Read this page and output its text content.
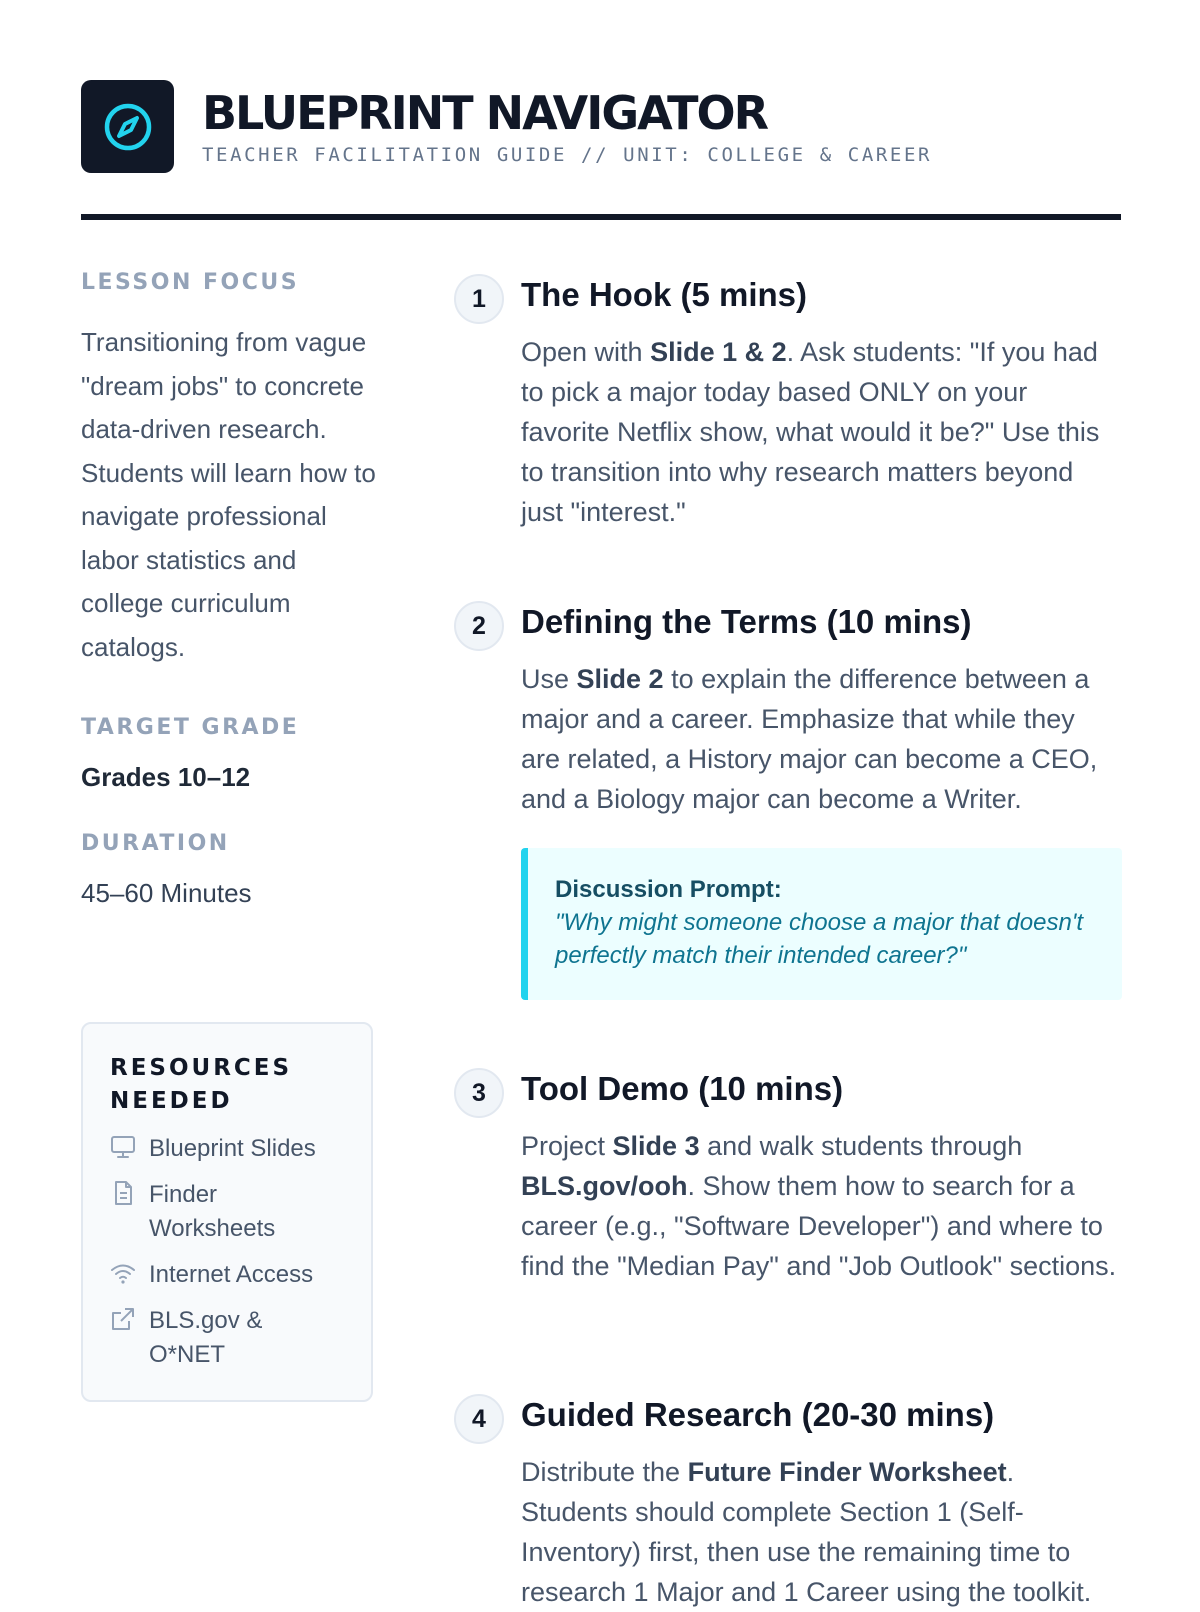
BLUEPRINT NAVIGATOR
TEACHER FACILITATION GUIDE // UNIT: COLLEGE & CAREER

LESSON FOCUS

Transitioning from vague "dream jobs" to concrete data-driven research. Students will learn how to navigate professional labor statistics and college curriculum catalogs.

TARGET GRADE

Grades 10–12

DURATION

45–60 Minutes

RESOURCES NEEDED

Blueprint Slides
Finder Worksheets
Internet Access
BLS.gov & O*NET
1	The Hook (5 mins)

Open with Slide 1 & 2. Ask students: "If you had to pick a major today based ONLY on your favorite Netflix show, what would it be?" Use this to transition into why research matters beyond just "interest."

2	Defining the Terms (10 mins)

Use Slide 2 to explain the difference between a major and a career. Emphasize that while they are related, a History major can become a CEO, and a Biology major can become a Writer.

Discussion Prompt:

"Why might someone choose a major that doesn't perfectly match their intended career?"

3	Tool Demo (10 mins)

Project Slide 3 and walk students through BLS.gov/ooh. Show them how to search for a career (e.g., "Software Developer") and where to find the "Median Pay" and "Job Outlook" sections.

4	Guided Research (20-30 mins)

Distribute the Future Finder Worksheet. Students should complete Section 1 (Self-Inventory) first, then use the remaining time to research 1 Major and 1 Career using the toolkit.
